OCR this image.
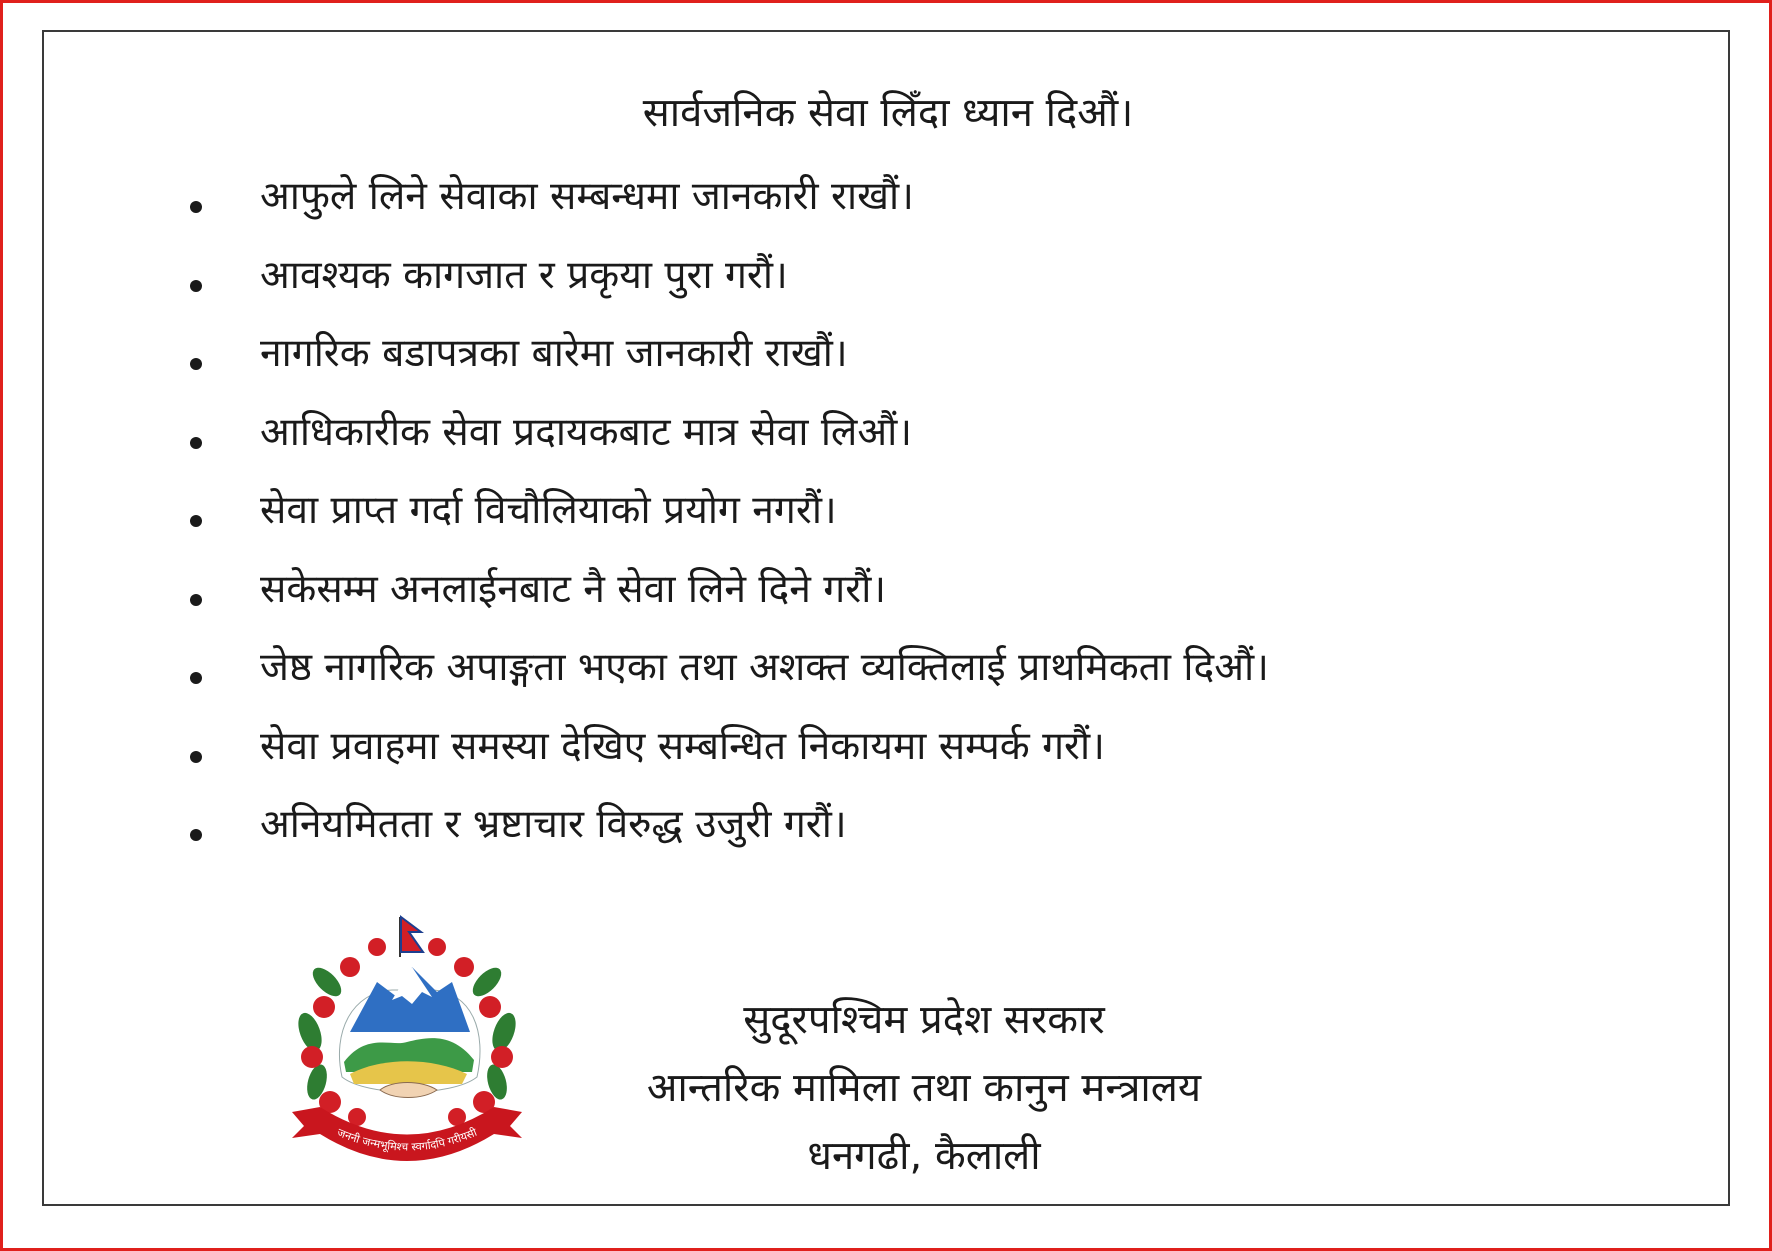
सार्वजनिक सेवा लिँदा ध्यान दिऔं।
आफुले लिने सेवाका सम्बन्धमा जानकारी राखौं।
आवश्यक कागजात र प्रकृया पुरा गरौं।
नागरिक बडापत्रका बारेमा जानकारी राखौं।
आधिकारीक सेवा प्रदायकबाट मात्र सेवा लिऔं।
सेवा प्राप्त गर्दा विचौलियाको प्रयोग नगरौं।
सकेसम्म अनलाईनबाट नै सेवा लिने दिने गरौं।
जेष्ठ नागरिक अपाङ्गता भएका तथा अशक्त व्यक्तिलाई प्राथमिकता दिऔं।
सेवा प्रवाहमा समस्या देखिए सम्बन्धित निकायमा सम्पर्क गरौं।
अनियमितता र भ्रष्टाचार विरुद्ध उजुरी गरौं।
जननी जन्मभूमिश्च स्वर्गादपि गरीयसी

सुदूरपश्चिम प्रदेश सरकार

आन्तरिक मामिला तथा कानुन मन्त्रालय

धनगढी, कैलाली
